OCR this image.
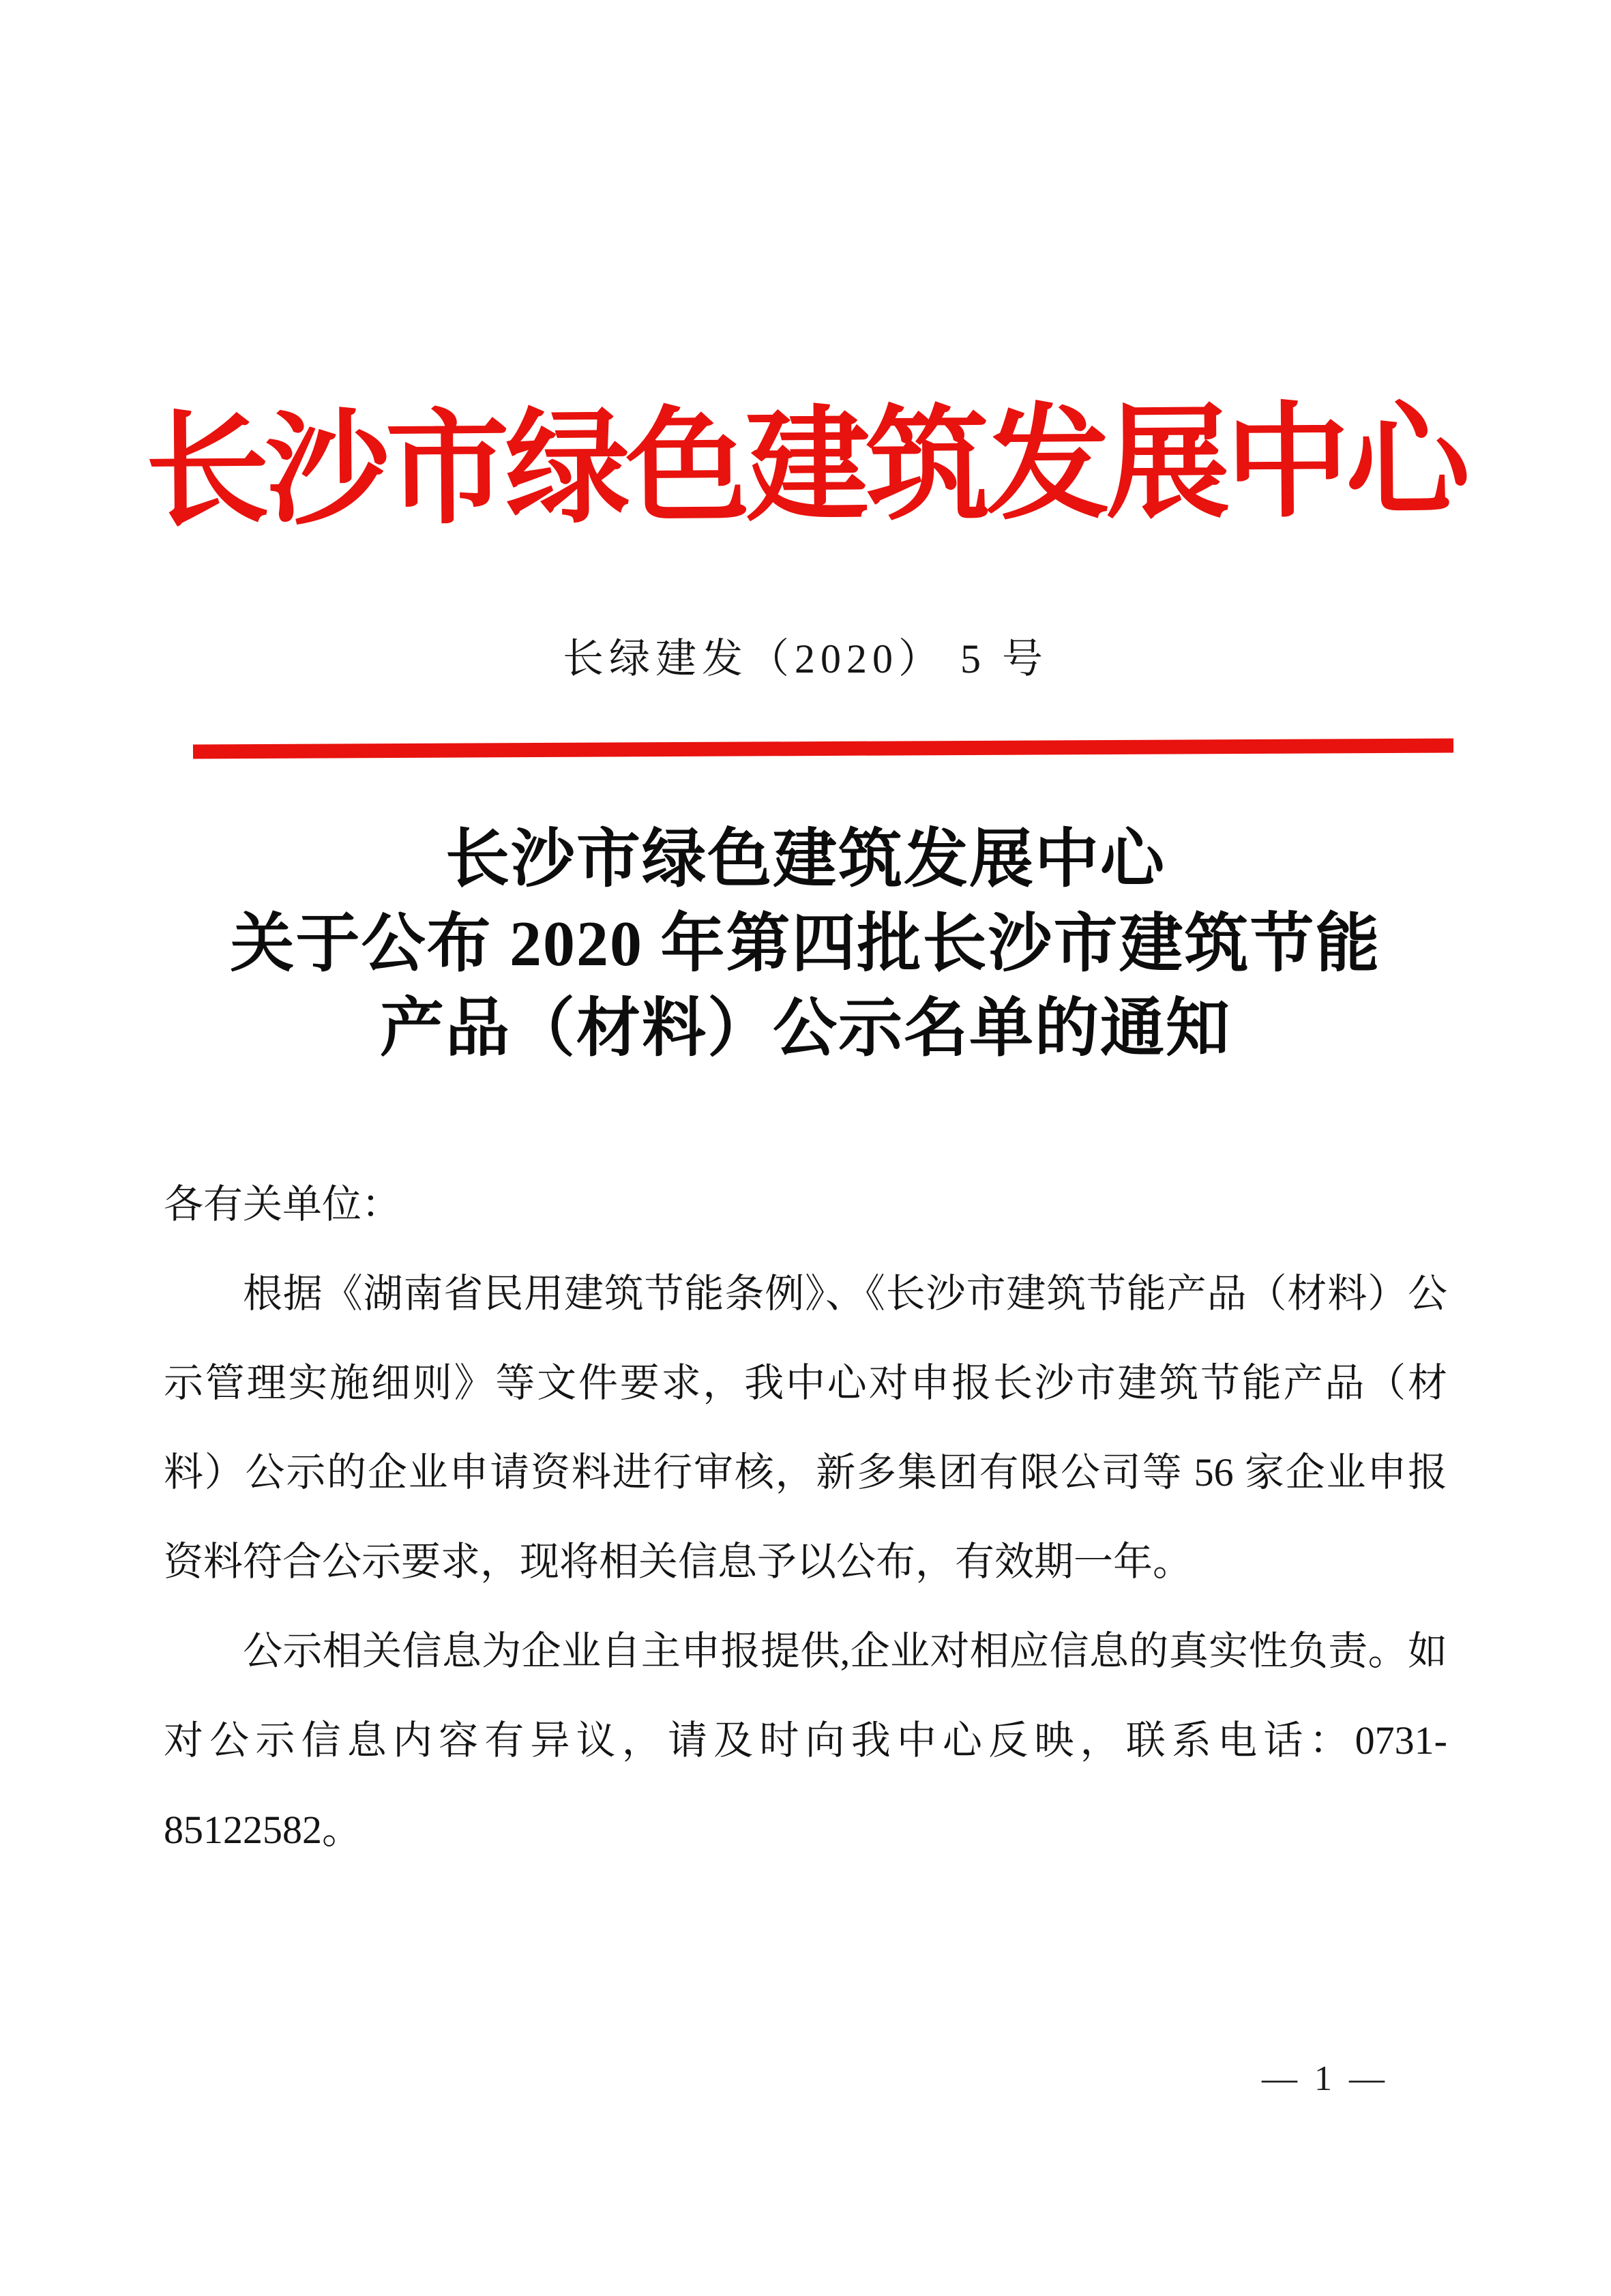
长沙市绿色建筑发展中心
长绿建发（2020） 5 号
长沙市绿色建筑发展中心
关于公布 2020 年第四批长沙市建筑节能
产品（材料）公示名单的通知

各有关单位：

根据《湖南省民用建筑节能条例》、《长沙市建筑节能产品（材料）公示管理实施细则》等文件要求，我中心对申报长沙市建筑节能产品（材料）公示的企业申请资料进行审核，新多集团有限公司等 56 家企业申报资料符合公示要求，现将相关信息予以公布，有效期一年。

公示相关信息为企业自主申报提供,企业对相应信息的真实性负责。如对公示信息内容有异议，请及时向我中心反映，联系电话：0731-85122582。

— 1 —
